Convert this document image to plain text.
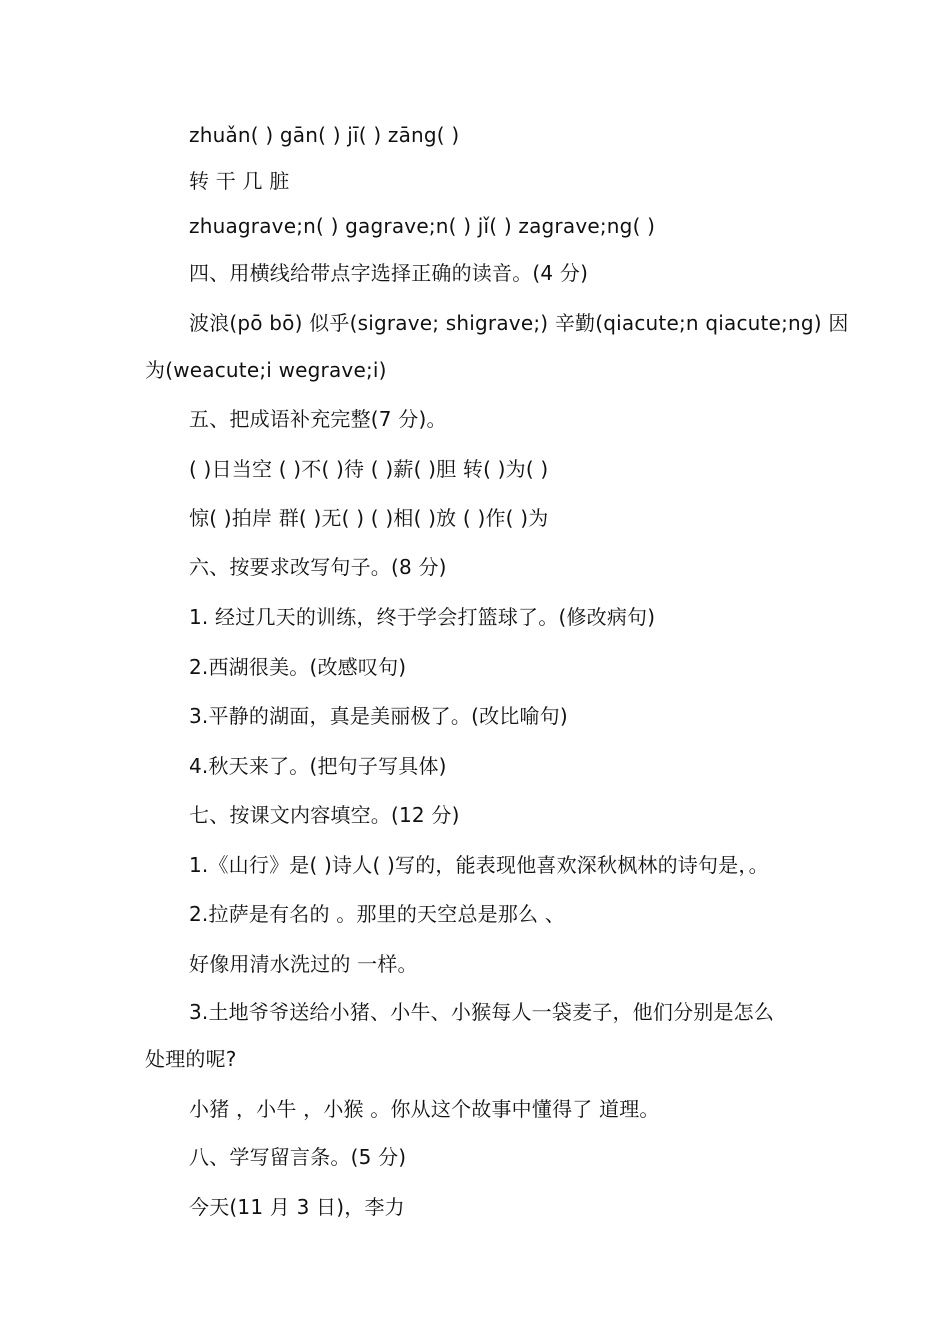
zhuǎn( ) gān( ) jī( ) zāng( )
转 干 几 脏
zhuagrave;n( ) gagrave;n( ) jǐ( ) zagrave;ng( )
四、用横线给带点字选择正确的读音。(4 分)
波浪(pō bō) 似乎(sigrave; shigrave;) 辛勤(qiacute;n qiacute;ng) 因
为(weacute;i wegrave;i)
五、把成语补充完整(7 分)。
( )日当空 ( )不( )待 ( )薪( )胆 转( )为( )
惊( )拍岸 群( )无( ) ( )相( )放 ( )作( )为
六、按要求改写句子。(8 分)
1. 经过几天的训练，终于学会打篮球了。(修改病句)
2.西湖很美。(改感叹句)
3.平静的湖面，真是美丽极了。(改比喻句)
4.秋天来了。(把句子写具体)
七、按课文内容填空。(12 分)
1.《山行》是( )诗人( )写的，能表现他喜欢深秋枫林的诗句是，。
2.拉萨是有名的 。那里的天空总是那么 、
好像用清水洗过的 一样。
3.土地爷爷送给小猪、小牛、小猴每人一袋麦子，他们分别是怎么
处理的呢?
小猪 ，小牛 ，小猴 。你从这个故事中懂得了 道理。
八、学写留言条。(5 分)
今天(11 月 3 日)，李力
